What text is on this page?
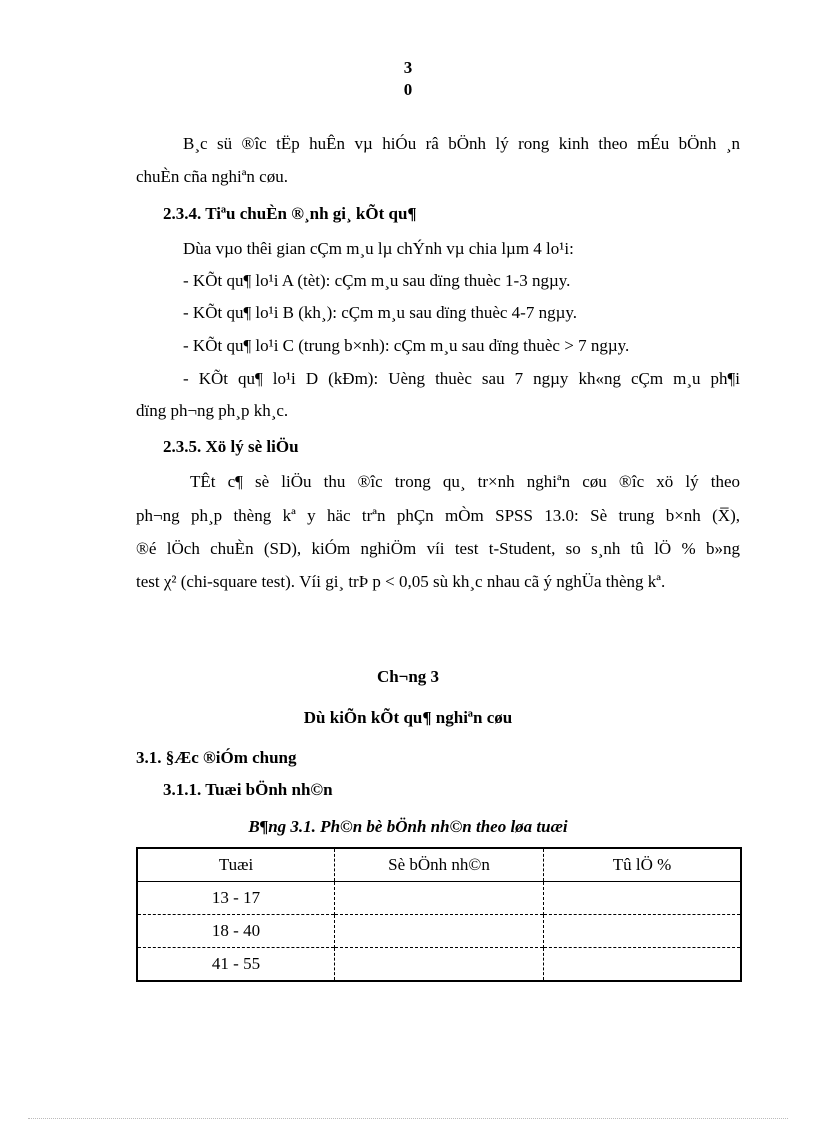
3
0
B¸c sü ®îc tËp huÊn vµ hiÓu râ bÖnh lý rong kinh theo mÉu bÖnh ¸n
chuÈn cña nghiªn cøu.
2.3.4. Tiªu chuÈn ®¸nh gi¸ kÕt qu¶
Dùa vµo thêi gian cÇm m¸u lµ chÝnh vµ chia lµm 4 lo¹i:
- KÕt qu¶ lo¹i A (tèt): cÇm m¸u sau dïng thuèc 1-3 ngµy.
- KÕt qu¶ lo¹i B (kh¸): cÇm m¸u sau dïng thuèc 4-7 ngµy.
- KÕt qu¶ lo¹i C (trung b×nh): cÇm m¸u sau dïng thuèc > 7 ngµy.
- KÕt qu¶ lo¹i D (kÐm): Uèng thuèc sau 7 ngµy kh«ng cÇm m¸u ph¶i
dïng ph¬ng ph¸p kh¸c.
2.3.5. Xö lý sè liÖu
TÊt c¶ sè liÖu thu ®îc trong qu¸ tr×nh nghiªn cøu ®îc xö lý theo
ph¬ng ph¸p thèng kª y häc trªn phÇn mÒm SPSS 13.0: Sè trung b×nh (X̅),
®é lÖch chuÈn (SD), kiÓm nghiÖm víi test t-Student, so s¸nh tû lÖ % b»ng
test χ² (chi-square test). Víi gi¸ trÞ p < 0,05 sù kh¸c nhau cã ý nghÜa thèng kª.
Ch¬ng 3
Dù kiÕn kÕt qu¶ nghiªn cøu
3.1. §Æc ®iÓm chung
3.1.1. Tuæi bÖnh nh©n
B¶ng 3.1. Ph©n bè bÖnh nh©n theo løa tuæi
Tuæi	Sè bÖnh nh©n	Tû lÖ %
13 - 17		
18 - 40		
41 - 55		
